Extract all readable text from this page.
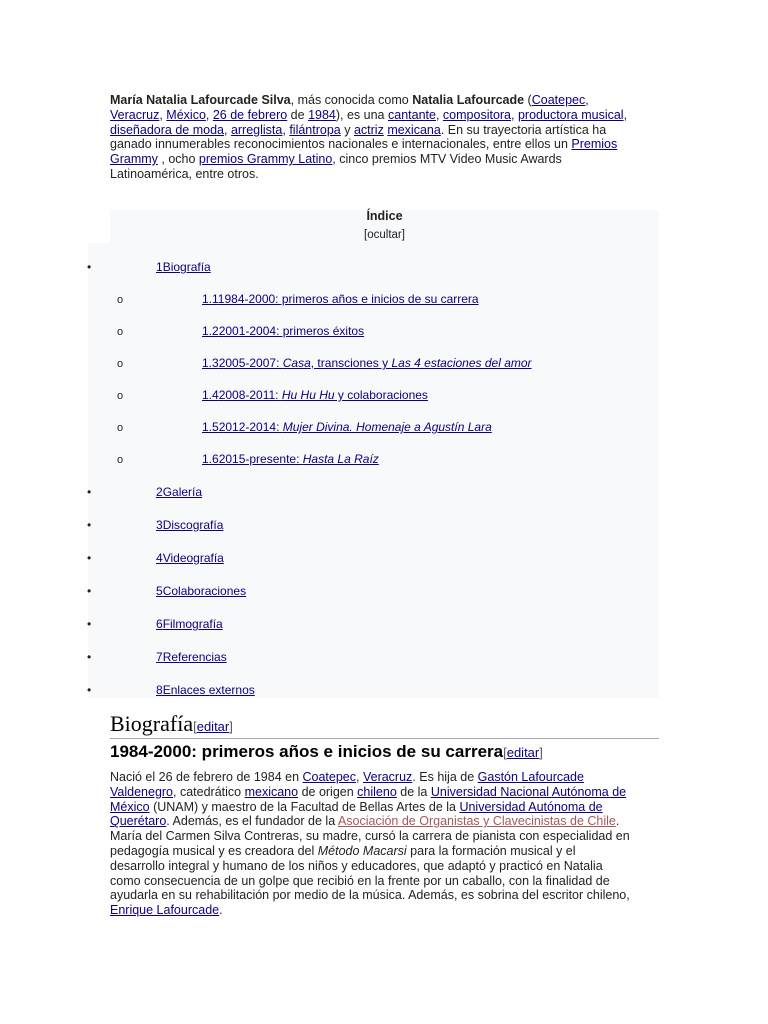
María Natalia Lafourcade Silva, más conocida como Natalia Lafourcade (Coatepec, Veracruz, México, 26 de febrero de 1984), es una cantante, compositora, productora musical, diseñadora de moda, arreglista, filántropa y actriz mexicana. En su trayectoria artística ha ganado innumerables reconocimientos nacionales e internacionales, entre ellos un Premios Grammy , ocho premios Grammy Latino, cinco premios MTV Video Music Awards Latinoamérica, entre otros.
Índice
[ocultar]
•	1Biografía
o	1.11984-2000: primeros años e inicios de su carrera
o	1.22001-2004: primeros éxitos
o	1.32005-2007: Casa, transciones y Las 4 estaciones del amor
o	1.42008-2011: Hu Hu Hu y colaboraciones
o	1.52012-2014: Mujer Divina. Homenaje a Agustín Lara
o	1.62015-presente: Hasta La Raíz
•	2Galería
•	3Discografía
•	4Videografía
•	5Colaboraciones
•	6Filmografía
•	7Referencias
•	8Enlaces externos
Biografía[editar]
1984-2000: primeros años e inicios de su carrera[editar]
Nació el 26 de febrero de 1984 en Coatepec, Veracruz. Es hija de Gastón Lafourcade Valdenegro, catedrático mexicano de origen chileno de la Universidad Nacional Autónoma de México (UNAM) y maestro de la Facultad de Bellas Artes de la Universidad Autónoma de Querétaro. Además, es el fundador de la Asociación de Organistas y Clavecinistas de Chile. María del Carmen Silva Contreras, su madre, cursó la carrera de pianista con especialidad en pedagogía musical y es creadora del Método Macarsi para la formación musical y el desarrollo integral y humano de los niños y educadores, que adaptó y practicó en Natalia como consecuencia de un golpe que recibió en la frente por un caballo, con la finalidad de ayudarla en su rehabilitación por medio de la música. Además, es sobrina del escritor chileno, Enrique Lafourcade.
